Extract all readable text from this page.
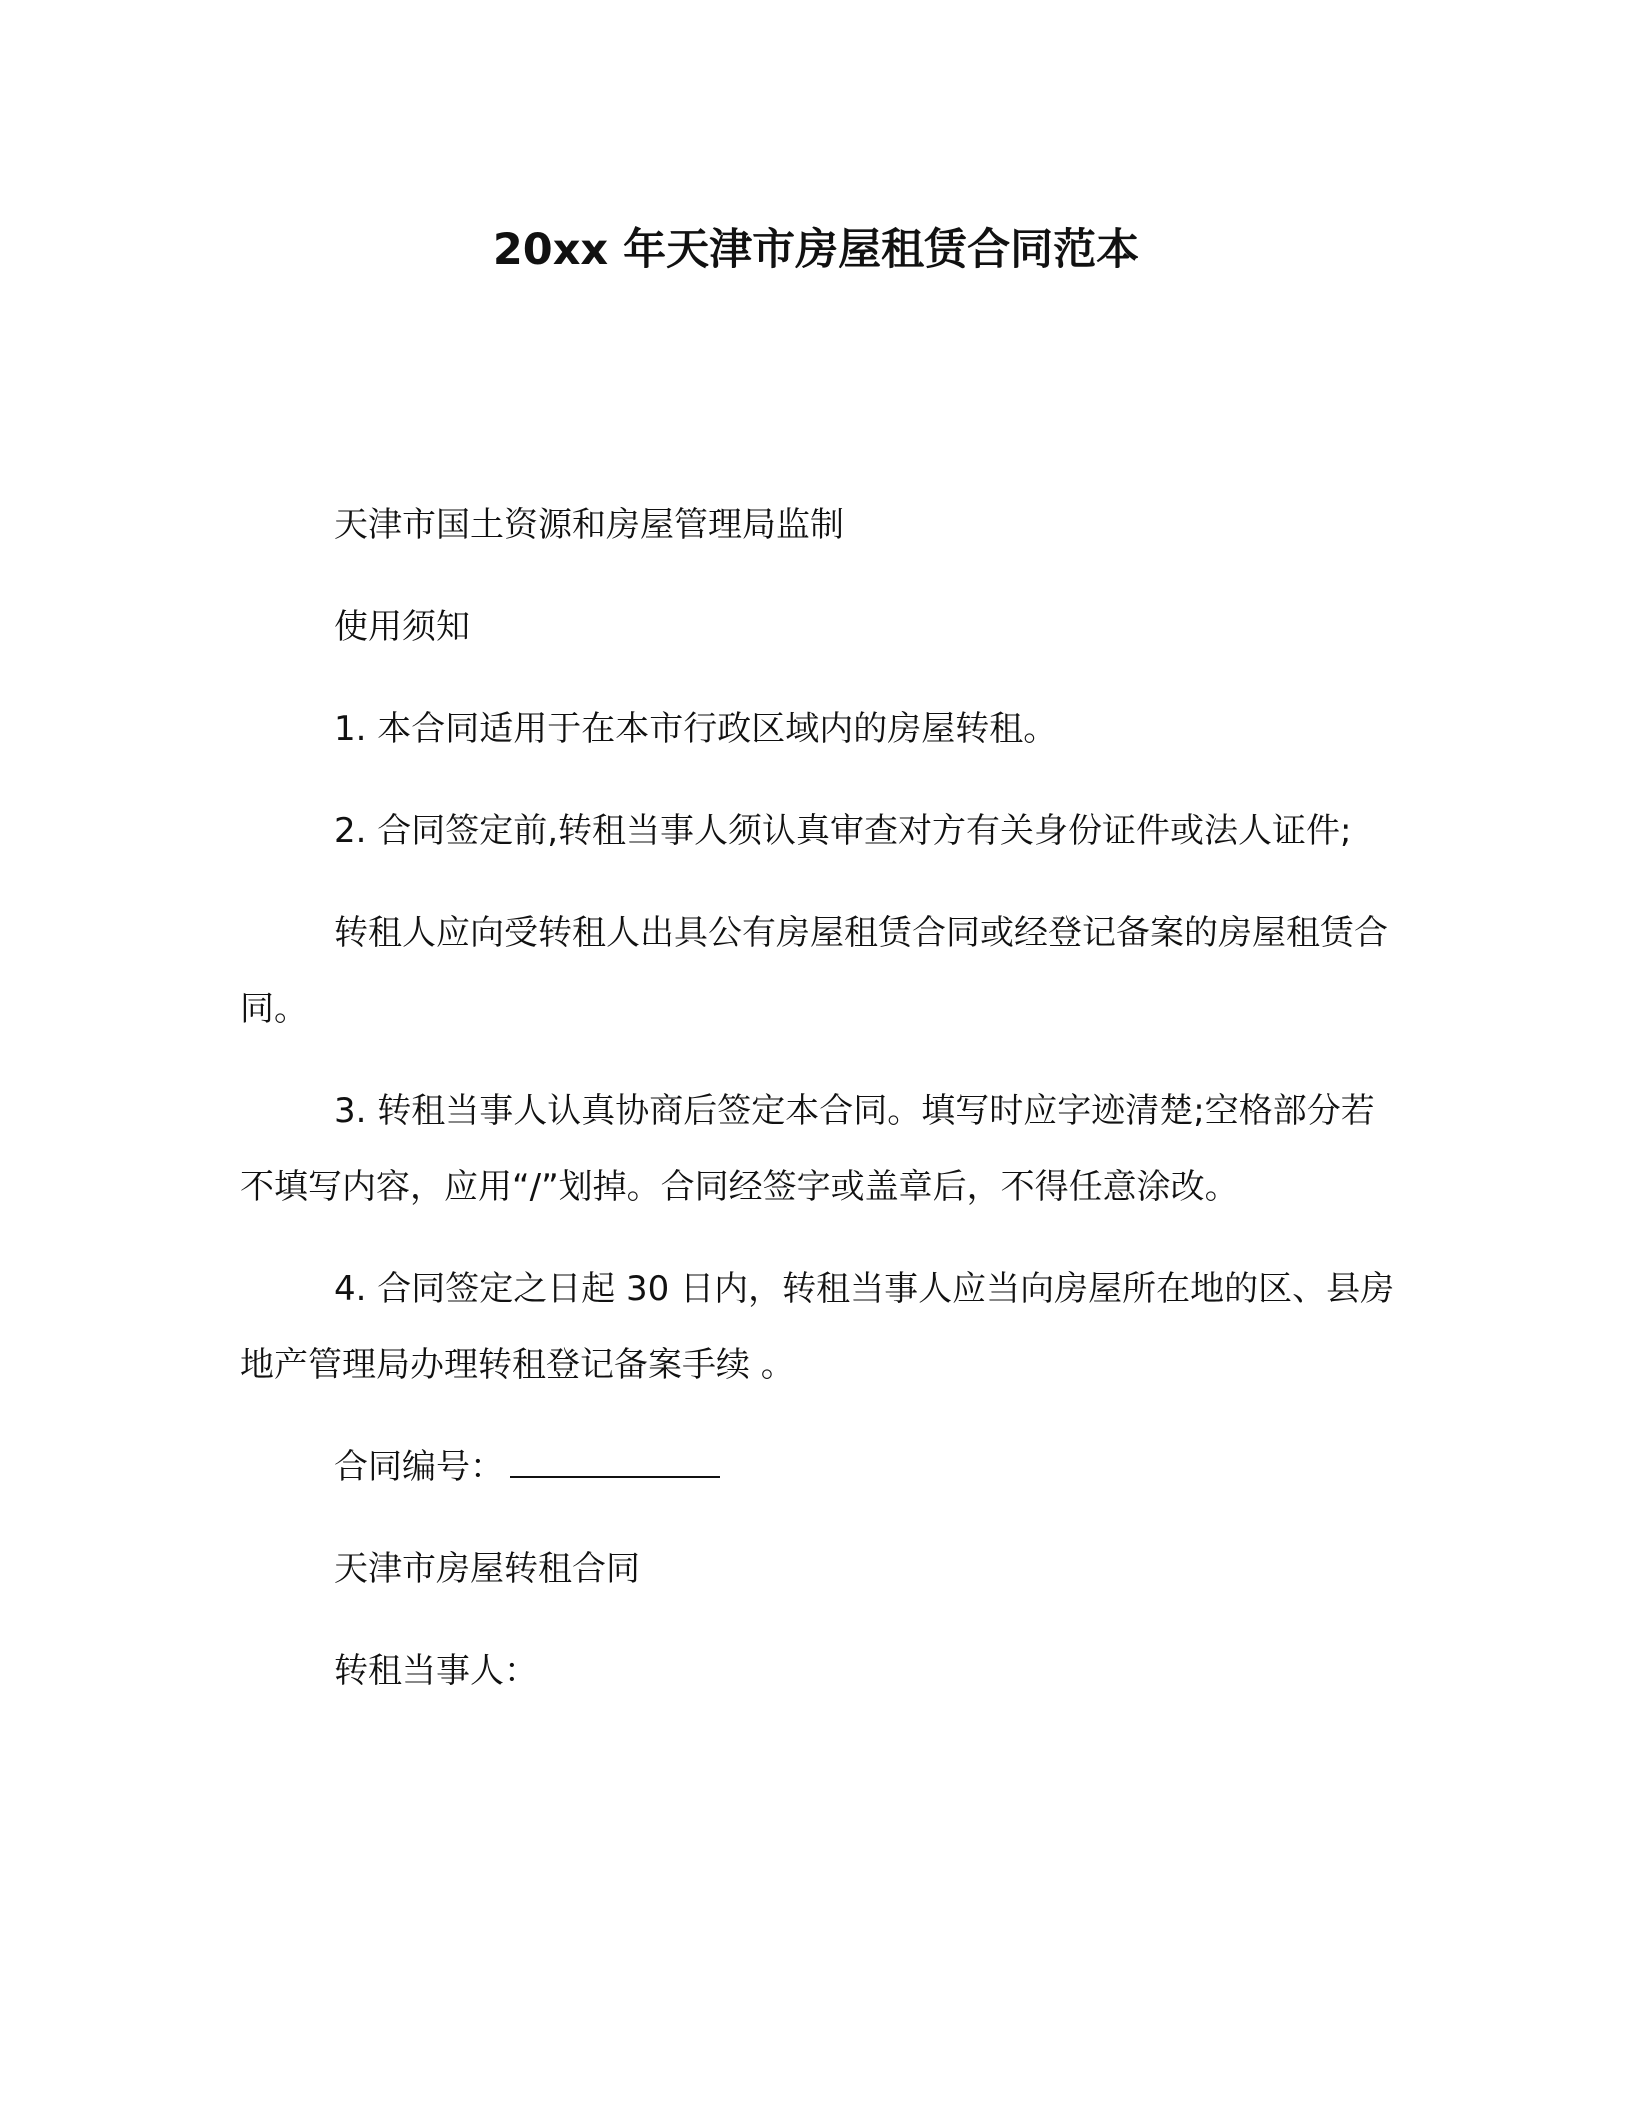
20xx 年天津市房屋租赁合同范本

天津市国土资源和房屋管理局监制

使用须知

1. 本合同适用于在本市行政区域内的房屋转租。

2. 合同签定前,转租当事人须认真审查对方有关身份证件或法人证件;

转租人应向受转租人出具公有房屋租赁合同或经登记备案的房屋租赁合同。

3. 转租当事人认真协商后签定本合同。填写时应字迹清楚;空格部分若不填写内容，应用“/”划掉。合同经签字或盖章后，不得任意涂改。

4. 合同签定之日起 30 日内，转租当事人应当向房屋所在地的区、县房地产管理局办理转租登记备案手续 。

合同编号：

天津市房屋转租合同

转租当事人：
